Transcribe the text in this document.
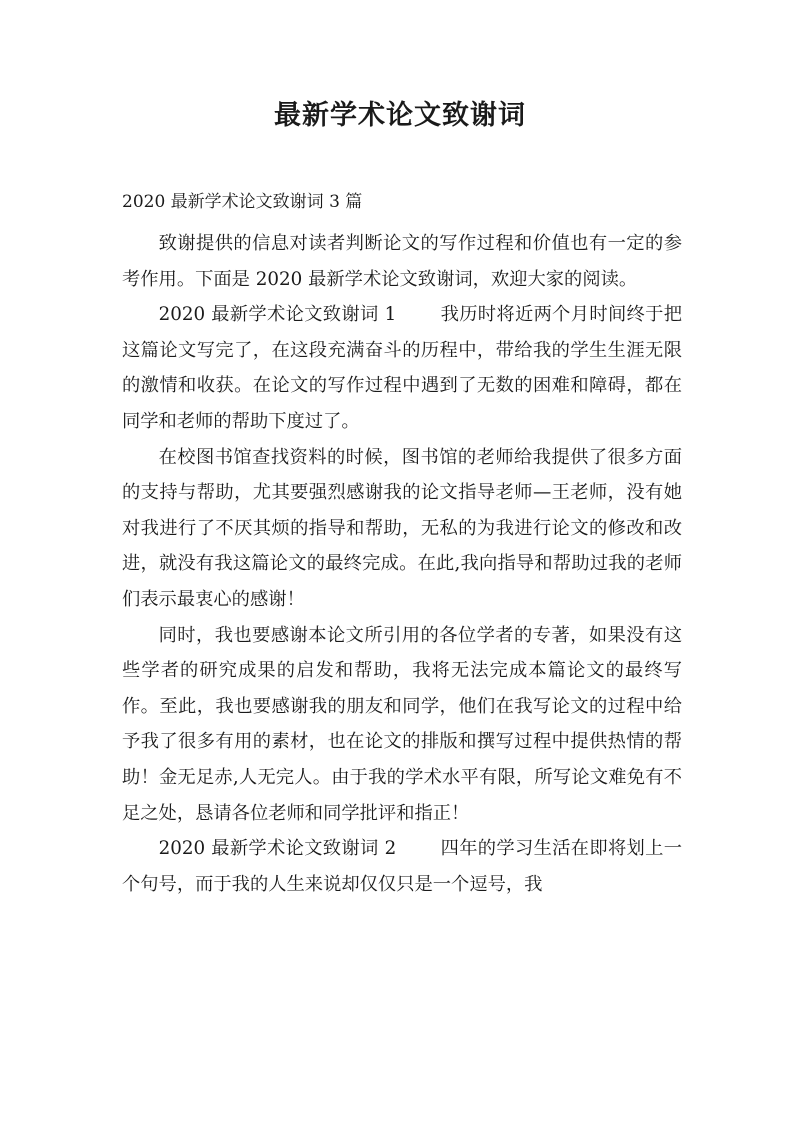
最新学术论文致谢词
2020 最新学术论文致谢词 3 篇

致谢提供的信息对读者判断论文的写作过程和价值也有一定的参考作用。下面是 2020 最新学术论文致谢词，欢迎大家的阅读。

2020 最新学术论文致谢词 1 我历时将近两个月时间终于把这篇论文写完了，在这段充满奋斗的历程中，带给我的学生生涯无限的激情和收获。在论文的写作过程中遇到了无数的困难和障碍，都在同学和老师的帮助下度过了。

在校图书馆查找资料的时候，图书馆的老师给我提供了很多方面的支持与帮助，尤其要强烈感谢我的论文指导老师—王老师，没有她对我进行了不厌其烦的指导和帮助，无私的为我进行论文的修改和改进，就没有我这篇论文的最终完成。在此,我向指导和帮助过我的老师们表示最衷心的感谢！

同时，我也要感谢本论文所引用的各位学者的专著，如果没有这些学者的研究成果的启发和帮助，我将无法完成本篇论文的最终写作。至此，我也要感谢我的朋友和同学，他们在我写论文的过程中给予我了很多有用的素材，也在论文的排版和撰写过程中提供热情的帮助！金无足赤,人无完人。由于我的学术水平有限，所写论文难免有不足之处，恳请各位老师和同学批评和指正！

2020 最新学术论文致谢词 2 四年的学习生活在即将划上一个句号，而于我的人生来说却仅仅只是一个逗号，我
